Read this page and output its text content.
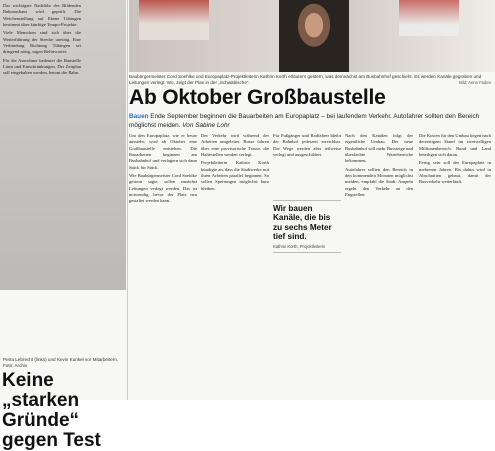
Das wichtigste Nadelöhr des Bildenden Bahnausbaus wird geprüft. Die Weichenstellung auf Ebene Tübingen bestimmt über künftige Tempo-Projekte.

Viele Menschen sind sich über die Weiterführung der Strecke uneinig. Eine Verbindung Richtung Tübingen sei dringend nötig, sagen Befürworter.

Für die Anwohner bedeutet die Baustelle Lärm und Einschränkungen. Der Zeitplan soll eingehalten werden, betont die Bahn.

Petra Lebrecht (links) und Kevin Kunkel vor Mitarbeitern. Foto: Archiv
Keine „starken Gründe“ gegen Test
Baubürgermeister Cord Soehlke und Europaplatz-Projektleiterin Kathrin Korth erläutern gestern, was demnächst am Busbahnhof geschieht. Es werden Kanäle gegraben und Leitungen verlegt. Wo, zeigt der Plan in der „Schwäbische“.	Bild: Anne Faden
Ab Oktober Großbaustelle
Bauen Ende September beginnen die Bauarbeiten am Europaplatz – bei laufendem Verkehr. Autofahrer sollten den Bereich möglichst meiden. Von Sabine Lohr

Um den Europaplatz, wie er heute aussieht, wird ab Oktober eine Großbaustelle entstehen. Die Bauarbeiten beginnen am Busbahnhof und verlagern sich dann Stück für Stück.

Wie Baubürgermeister Cord Soehlke gestern sagte, sollen zunächst Leitungen verlegt werden. Das ist notwendig, bevor der Platz neu gestaltet werden kann.

Der Verkehr wird während der Arbeiten umgeleitet. Busse fahren über eine provisorische Trasse, die Haltestellen werden verlegt.

Projektleiterin Kathrin Korth kündigte an, dass die Stadtwerke mit ihren Arbeiten parallel beginnen. So sollen Sperrungen möglichst kurz bleiben.

Für Fußgänger und Radfahrer bleibt der Bahnhof jederzeit erreichbar. Die Wege werden aber teilweise verlegt und ausgeschildert.

Wir bauen Kanäle, die bis zu sechs Meter tief sind.
Kathrin Korth, Projektleiterin

Nach den Kanälen folgt der eigentliche Umbau. Der neue Busbahnhof soll mehr Bussteige und überdachte Wartebereiche bekommen.

Autofahrer sollten den Bereich in den kommenden Monaten möglichst meiden, empfahl die Stadt. Ampeln regeln den Verkehr an den Engstellen.

Die Kosten für den Umbau liegen nach derzeitigem Stand im zweistelligen Millionenbereich. Bund und Land beteiligen sich daran.

Fertig sein soll der Europaplatz in mehreren Jahren. Bis dahin wird in Abschnitten gebaut, damit der Busverkehr weiterläuft.
